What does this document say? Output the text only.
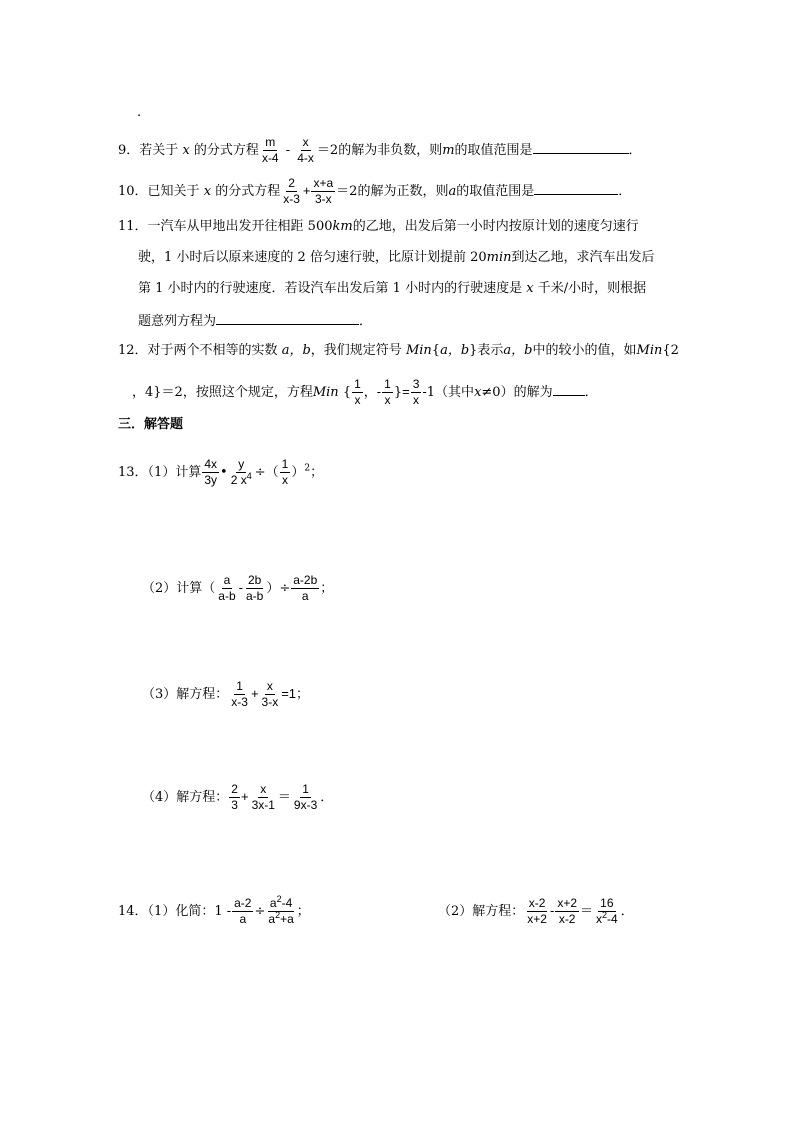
.
9．若关于 x 的分式方程 $\frac{m}{x-4} - \frac{x}{4-x} =2$的解为非负数，则m的取值范围是	．
10．已知关于 x 的分式方程 $\frac{2}{x-3} + \frac{x+a}{3-x} =2$的解为正数，则a的取值范围是	．
11．一汽车从甲地出发开往相距 500km的乙地，出发后第一小时内按原计划的速度匀速行
驶，1 小时后以原来速度的 2 倍匀速行驶，比原计划提前 20min到达乙地，求汽车出发后
第 1 小时内的行驶速度．若设汽车出发后第 1 小时内的行驶速度是 x 千米/小时，则根据
题意列方程为	．
12．对于两个不相等的实数 a，b，我们规定符号 Min{a，b}表示a，b中的较小的值，如Min{2
，4}＝2，按照这个规定，方程Min { $\frac{1}{x}$ ，- $\frac{1}{x}$ }= $\frac{3}{x} -1$（其中x≠0）的解为 ．
三．解答题
13．（1）计算 $\frac{4x}{3y}$ • $\frac{y}{2 x^4}$ ÷（ $\frac{1}{x} )^2$；
（2）计算（ $\frac{a}{a-b} - \frac{2b}{a-b}$ ）÷ $\frac{a-2b}{a}$ ；
（3）解方程： $\frac{1}{x-3} + \frac{x}{3-x} =1$；
（4）解方程： $\frac{2}{3} + \frac{x}{3x-1} = \frac{1}{9x-3}$ ．
14．（1）化简：$1 - \frac{a-2}{a} \div \frac{a^2-4}{a^2+a}$ ；	（2）解方程： $\frac{x-2}{x+2} - \frac{x+2}{x-2} = \frac{16}{x^2-4}$ ．
